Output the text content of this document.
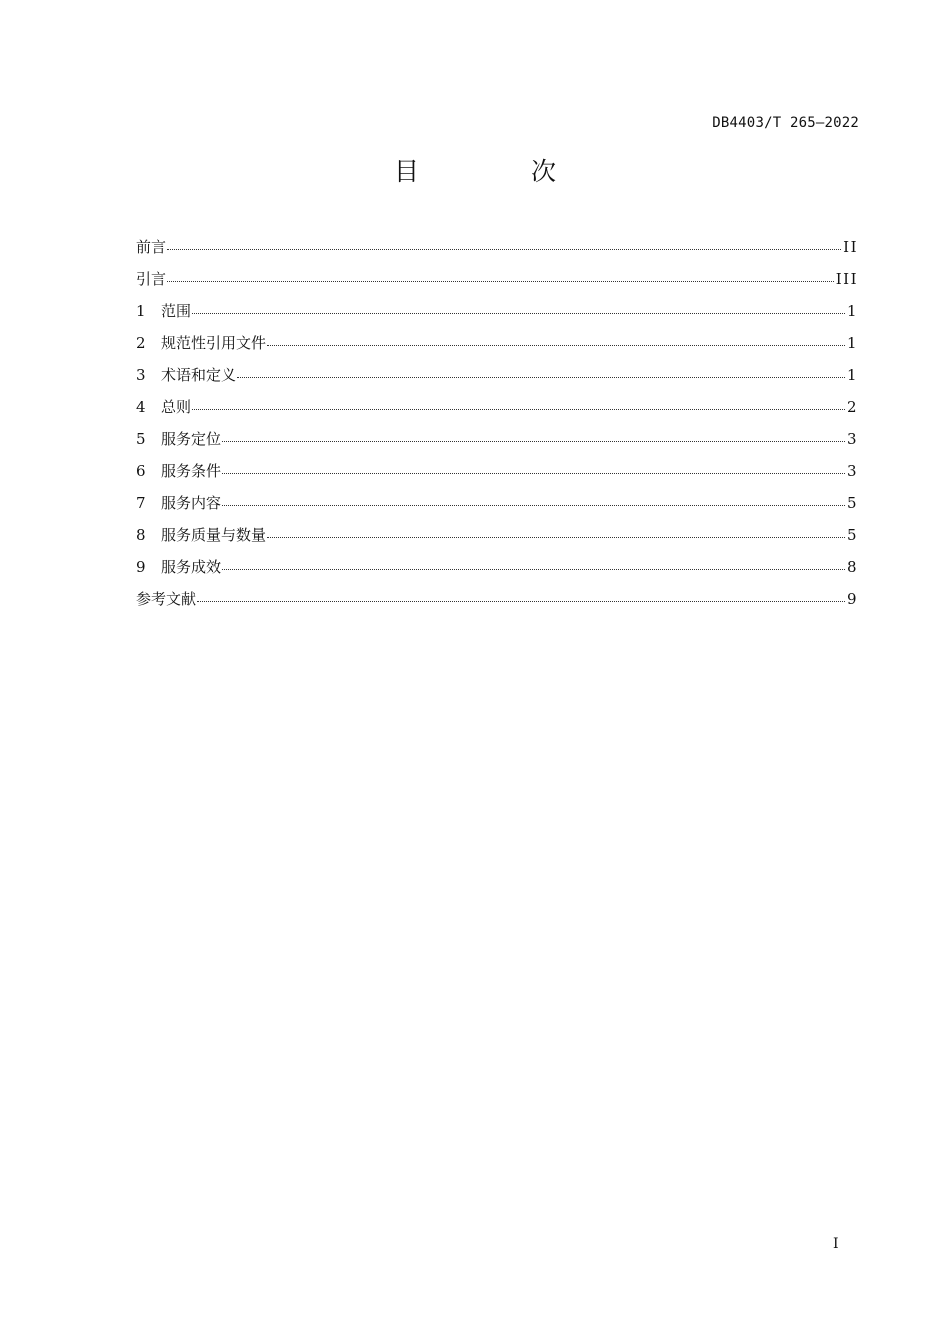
DB4403/T 265—2022
目 次
前言	II
引言	III
1	范围	1
2	规范性引用文件	1
3	术语和定义	1
4	总则	2
5	服务定位	3
6	服务条件	3
7	服务内容	5
8	服务质量与数量	5
9	服务成效	8
参考文献	9
I
